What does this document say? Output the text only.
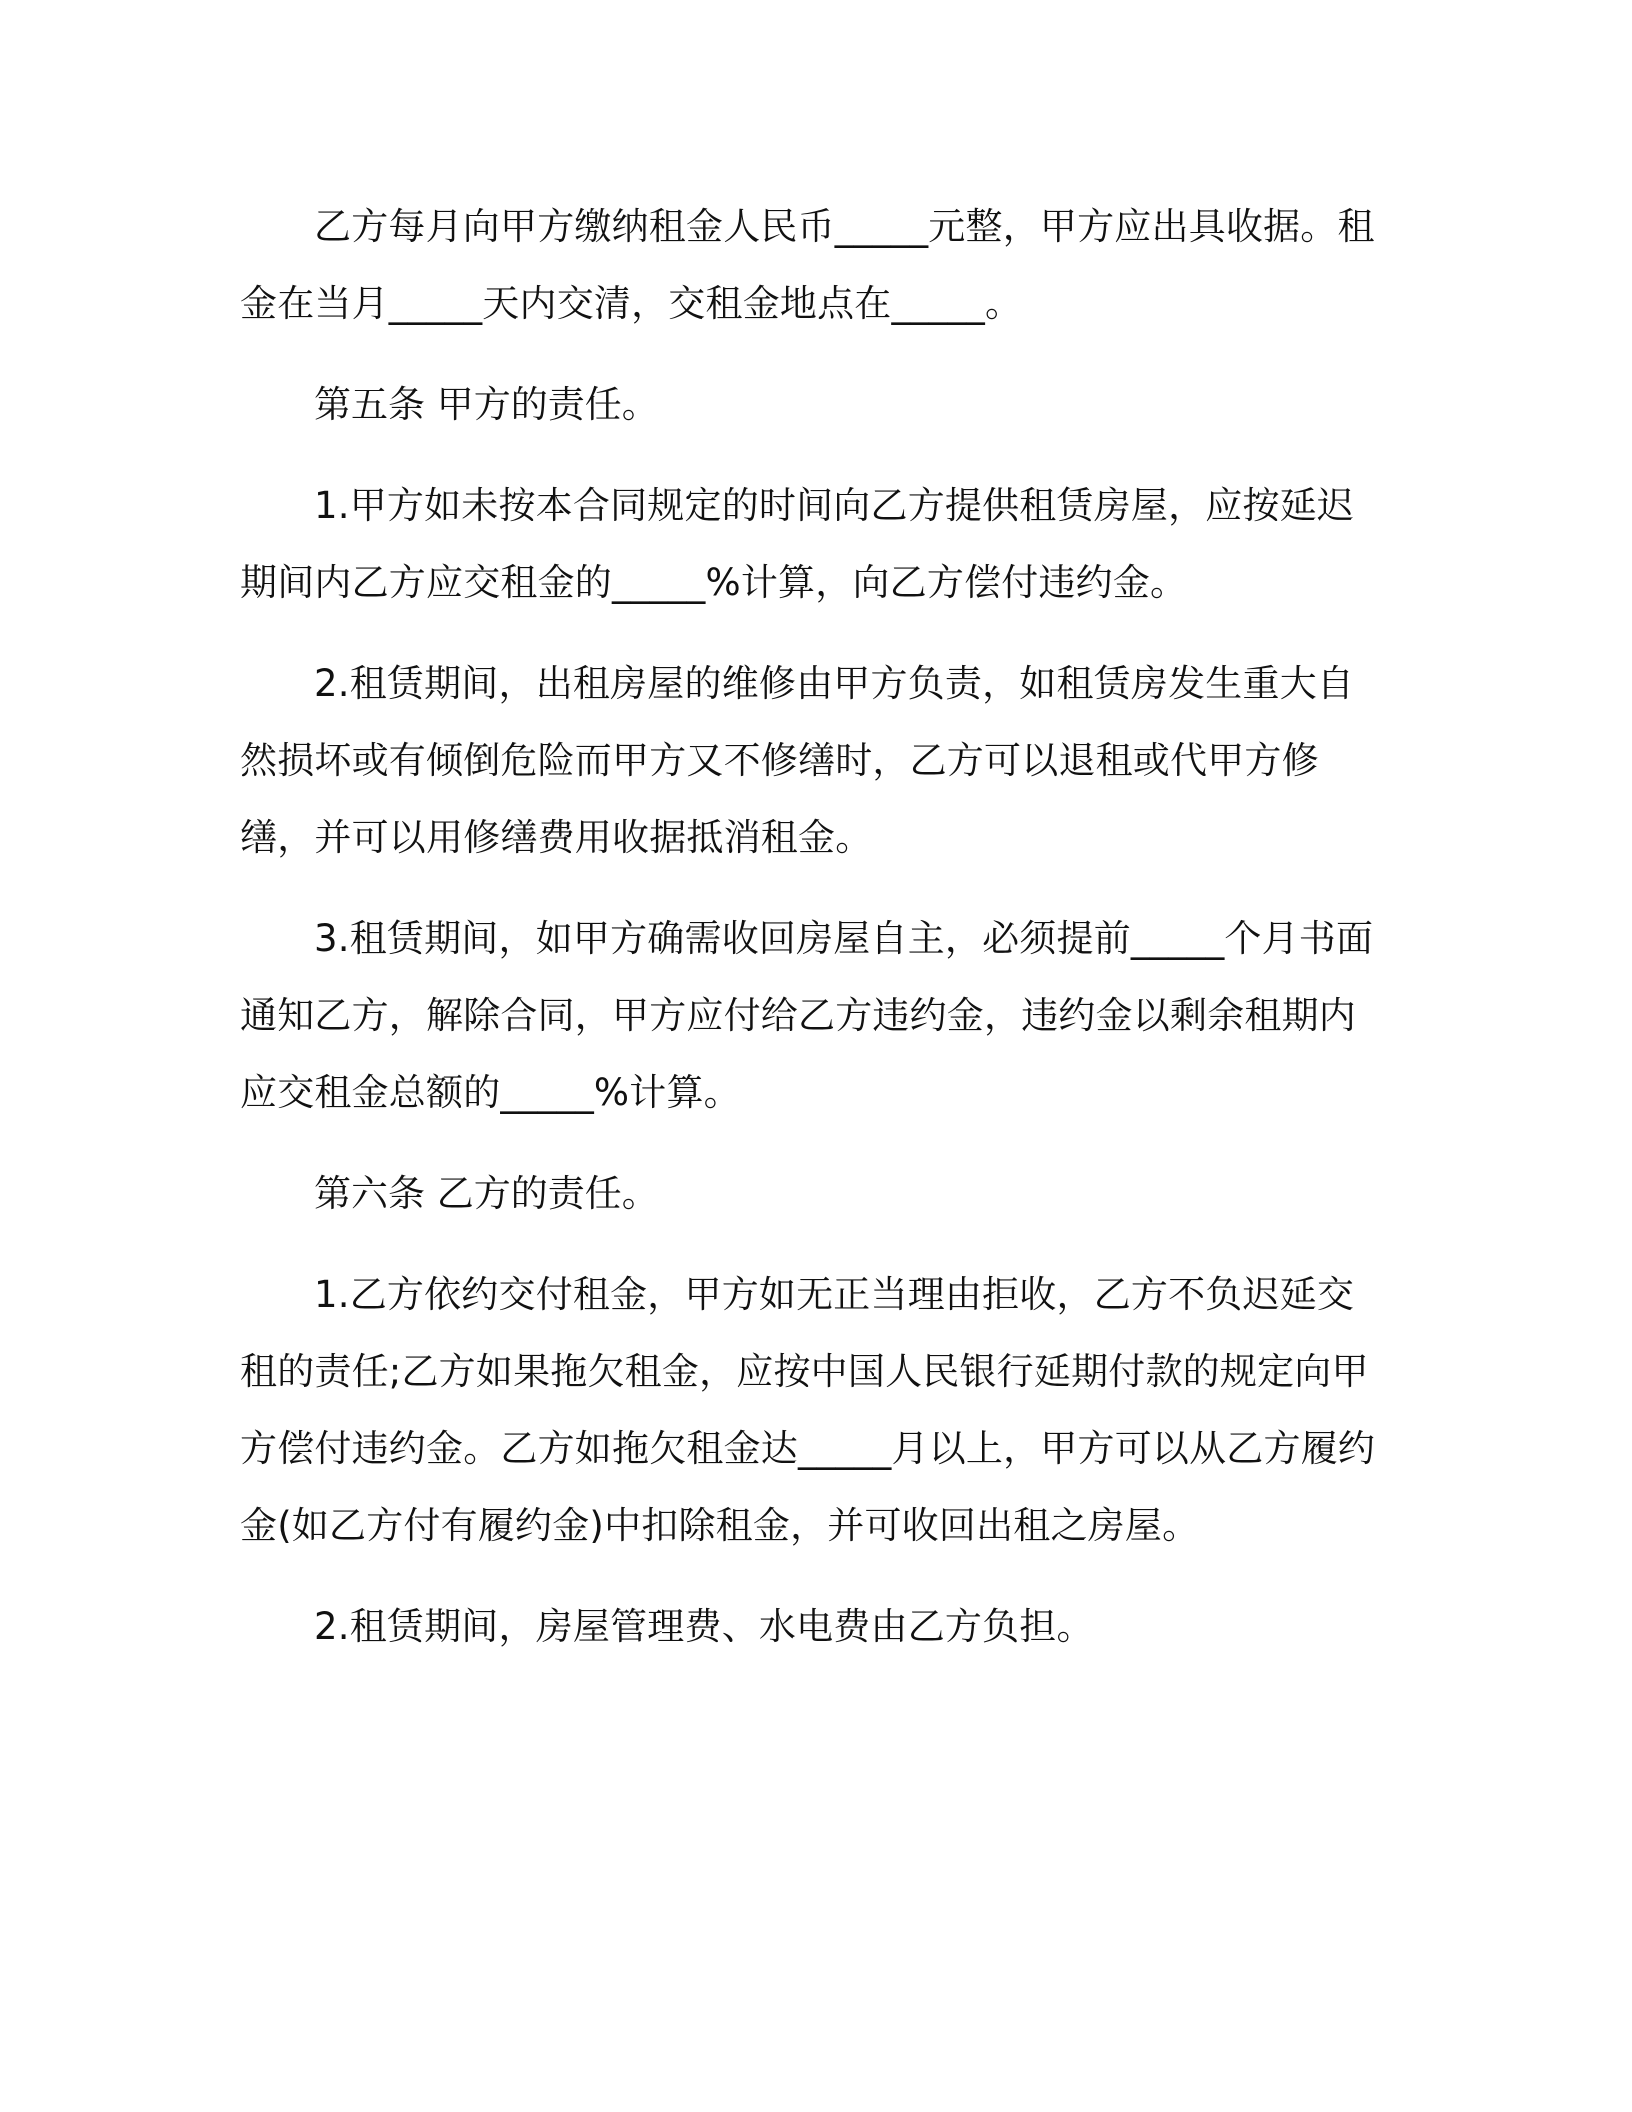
乙方每月向甲方缴纳租金人民币_____元整，甲方应出具收据。租金在当月_____天内交清，交租金地点在_____。

第五条 甲方的责任。

1.甲方如未按本合同规定的时间向乙方提供租赁房屋，应按延迟期间内乙方应交租金的_____%计算，向乙方偿付违约金。

2.租赁期间，出租房屋的维修由甲方负责，如租赁房发生重大自然损坏或有倾倒危险而甲方又不修缮时，乙方可以退租或代甲方修缮，并可以用修缮费用收据抵消租金。

3.租赁期间，如甲方确需收回房屋自主，必须提前_____个月书面通知乙方，解除合同，甲方应付给乙方违约金，违约金以剩余租期内应交租金总额的_____%计算。

第六条 乙方的责任。

1.乙方依约交付租金，甲方如无正当理由拒收，乙方不负迟延交租的责任;乙方如果拖欠租金，应按中国人民银行延期付款的规定向甲方偿付违约金。乙方如拖欠租金达_____月以上，甲方可以从乙方履约金(如乙方付有履约金)中扣除租金，并可收回出租之房屋。

2.租赁期间，房屋管理费、水电费由乙方负担。
